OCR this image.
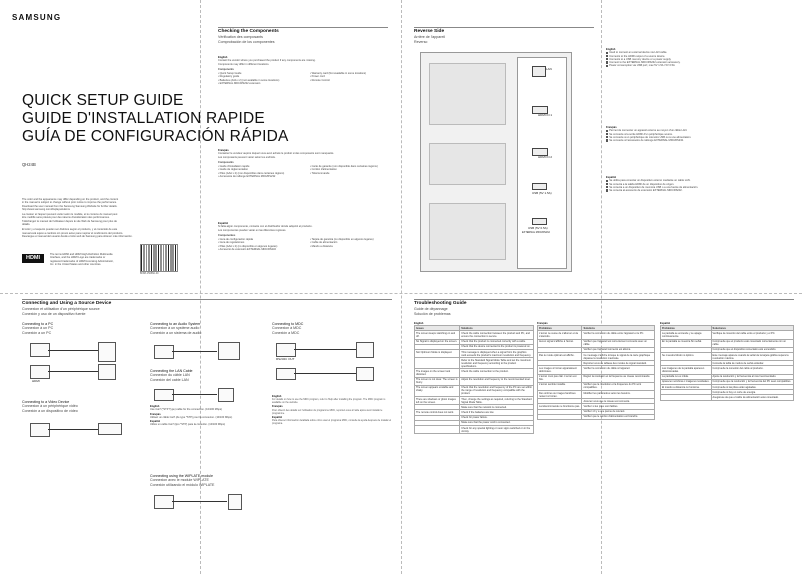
SAMSUNG
QUICK SETUP GUIDE
GUIDE D'INSTALLATION RAPIDE
GUÍA DE CONFIGURACIÓN RÁPIDA
QH24B
The color and the appearance may differ depending on the product, and the content
in the manual is subject to change without prior notice to improve the performance.
Download the user manual from the Samsung Samsung Website for further details.
http://www.samsung.com/displaysolutions
La couleur et l'aspect peuvent varier selon le modèle, et le contenu du manuel peut
être modifié sans préavis pour des raisons d'amélioration des performances.
Téléchargez le manuel de l'utilisateur depuis le site Web de Samsung pour plus de
détails.
El color y el aspecto pueden ser distintos según el producto, y el contenido de este
manual está sujeto a cambios sin previo aviso para mejorar el rendimiento del producto.
Descargue el manual del usuario desde el sitio web de Samsung para obtener más información.
HDMI
The terms HDMI and HDMI High-Definition Multimedia
Interface, and the HDMI Logo are trademarks or
registered trademarks of HDMI Licensing Administrator,
Inc. in the United States and other countries.
BN68-15088A-00
Checking the Components
Vérification des composants
Comprobación de los componentes
English
Contact the vendor where you purchased the product if any components are missing.
Components may differ in different locations.
Components
• Quick Setup Guide
• Regulatory guide
• Batteries (AAA x 2) (not available in some locations)
• EXTERNAL MDC/RS232 extension
• Warranty card (Not available in some locations)
• Power cord
• Remote Control
Français
Contactez le vendeur auprès duquel vous avez acheté le produit si des composants sont manquants.
Les composants peuvent varier selon les endroits.
Composants
• Guide d'installation rapide
• Guide de réglementation
• Piles (AAA x 2) (non disponibles dans certaines régions)
• Accessoire de rallonge EXTERNAL MDC/RS232
• Carte de garantie (non disponible dans certaines régions)
• Cordon d'alimentation
• Télécommande
Español
Si falta algún componente, contacte con el distribuidor donde adquirió el producto.
Los componentes pueden variar en las diferentes regiones.
Componentes
• Guía de configuración rápida
• Guía de regulaciones
• Pilas (AAA x 2) (no disponible en algunos lugares)
• Accesorio de extensión EXTERNAL MDC/RS232
• Tarjeta de garantía (no disponible en algunos lugares)
• Cable de alimentación
• Mando a distancia
Reverse Side
Arrière de l'appareil
Reverso
LAN
HDMI IN 1
HDMI IN 2
USB (5V 1.5A)
USB (5V 0.5A)
EXTERNAL MDC/RS232
English
Used to connect an external device via LAN cable.
Connects to the HDMI output of a source device.
Connects to a USB memory device or a power supply.
Connect to the EXTERNAL MDC/RS232 extension accessory.
Power consumption via USB port; max 5V 1.5A / 5V 0.5A
Français
Permet de connecter un appareil externe au moyen d'un câble LAN.
Se connecte à la sortie HDMI d'un périphérique source.
Se connecte à un périphérique de mémoire USB ou à une alimentation.
Se connecte à l'accessoire de rallonge EXTERNAL MDC/RS232.
Español
Se utiliza para conectar un dispositivo externo mediante un cable LAN.
Se conecta a la salida HDMI de un dispositivo de origen.
Se conecta a un dispositivo de memoria USB o a una fuente de alimentación.
Se conecta al accesorio de extensión EXTERNAL MDC/RS232.
Connecting and Using a Source Device
Connexion et utilisation d'un périphérique source
Conexión y uso de un dispositivo fuente
Connecting to a PC
Connexion à un PC
Conexión a un PC
HDMI
Connecting to a Video Device
Connexion à un périphérique vidéo
Conexión a un dispositivo de vídeo
Connecting to an Audio System
Connexion à un système audio
Conexión a un sistema de audio
Connecting the LAN Cable
Connexion du câble LAN
Conexión del cable LAN
English
Use Cat7 (*STP Type) cable for the connection. (10/100 Mbps)
Français
Utilisez un câble Cat7 (de type *STP) pour la connexion. (10/100 Mbps)
Español
Utilice un cable Cat7 (tipo *STP) para la conexión. (10/100 Mbps)
Connecting to MDC
Connexion à MDC
Conexión a MDC
RS232C OUT
English
For details on how to use the MDC program, refer to Help after installing the program. The MDC program is available on the website.
Français
Pour obtenir des détails sur l'utilisation du programme MDC, reportez-vous à l'aide après avoir installé le programme.
Español
Para obtener información detallada sobre cómo usar el programa MDC, consulte la ayuda después de instalar el programa.
Connecting using the WIPLATE module
Connexion avec le module WIPLATE
Conexión utilizando el módulo WIPLATE
Troubleshooting Guide
Guide de dépannage
Solución de problemas
English
Issues	Solutions
The screen keeps switching on and off.	Check the cable connection between the product and PC, and ensure the connection is secure.
No Signal is displayed on the screen.	Check that the product is connected correctly with a cable.
	Check that the device connected to the product is powered on.
Not Optimum Mode is displayed.	This message is displayed when a signal from the graphics card exceeds the product's maximum resolution and frequency.
	Refer to the Standard Signal Mode Table and set the maximum resolution and frequency according to the product specifications.
The images on the screen look distorted.	Check the cable connection to the product.
The screen is not clear. The screen is blurry.	Adjust the resolution and frequency to the recommended level.
The screen appears unstable and shaky.	Check that the resolution and frequency of the PC are set within the range of resolution and frequency compatible with the product.
There are shadows or ghost images left on the screen.	Then, change the settings as required, referring to the Standard Signal Mode Table.
	Make sure that the network is connected.
The remote control does not work.	Check if the batteries are low.
	Check for power failure.
	Make sure that the power cord is connected.
	Check for any special lighting or neon signs switched on in the vicinity.
Français
Problèmes	Solutions
L'écran ne cesse de s'allumer et de s'éteindre.	Vérifiez la connexion du câble entre l'appareil et le PC.
Aucun signal s'affiche à l'écran.	Vérifiez que l'appareil est correctement connecté avec un câble.
	Vérifiez que l'appareil connecté est allumé.
Pas le mode optimal est affiché.	Ce message s'affiche lorsque le signal de la carte graphique dépasse la résolution maximale.
	Reportez-vous au tableau des modes de signal standard.
Les images à l'écran apparaissent déformées.	Vérifiez la connexion du câble à l'appareil.
L'écran n'est pas clair. L'écran est flou.	Réglez la résolution et la fréquence au niveau recommandé.
L'écran semble instable.	Vérifiez que la résolution et la fréquence du PC sont compatibles.
Des ombres ou images fantômes restent à l'écran.	Modifiez les paramètres selon les besoins.
	Assurez-vous que le réseau est connecté.
La télécommande ne fonctionne pas.	Vérifiez si les piles sont faibles.
	Vérifiez s'il y a une panne de courant.
	Vérifiez que le cordon d'alimentation est branché.
Español
Problemas	Soluciones
La pantalla se enciende y se apaga continuamente.	Verifique la conexión del cable entre el producto y el PC.
En la pantalla se muestra Sin señal.	Compruebe que el producto esté conectado correctamente con un cable.
	Compruebe que el dispositivo conectado esté encendido.
Se muestra Modo no óptimo.	Este mensaje aparece cuando la señal de la tarjeta gráfica supera la resolución máxima.
	Consulte la tabla de modos de señal estándar.
Las imágenes de la pantalla aparecen distorsionadas.	Compruebe la conexión del cable al producto.
La pantalla no es nítida.	Ajuste la resolución y la frecuencia al nivel recomendado.
Aparecen sombras o imágenes residuales.	Compruebe que la resolución y la frecuencia del PC sean compatibles.
El mando a distancia no funciona.	Compruebe si las pilas están agotadas.
	Compruebe si hay un corte de energía.
	Asegúrese de que el cable de alimentación esté conectado.
